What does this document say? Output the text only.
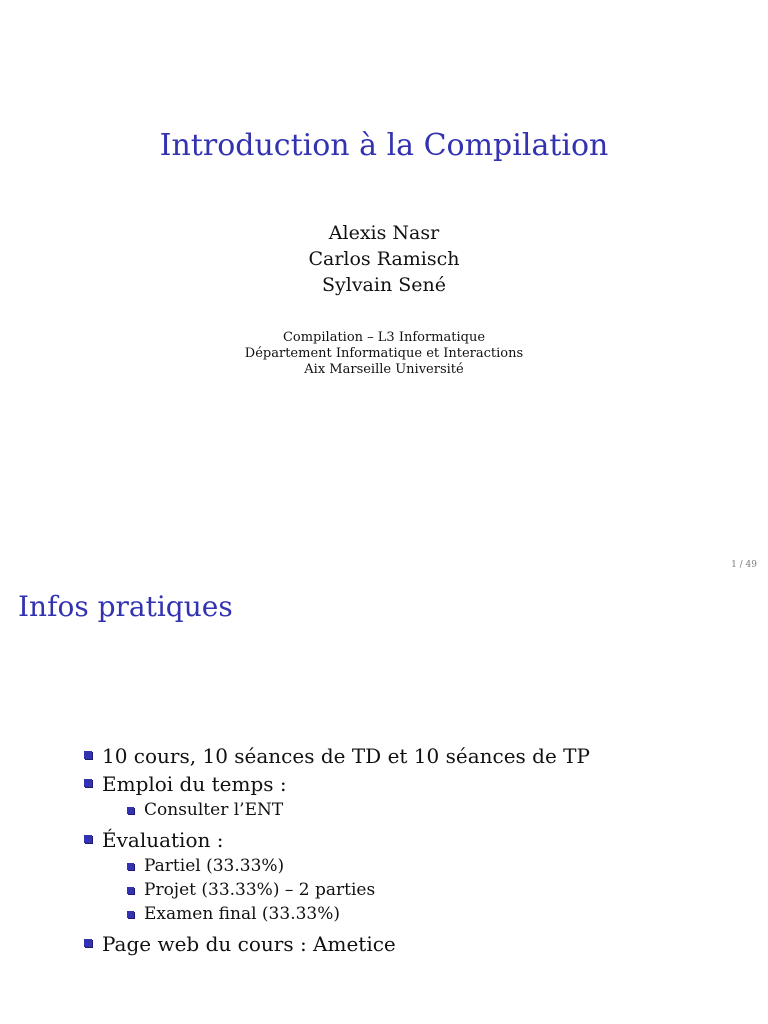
Introduction à la Compilation
Alexis Nasr
Carlos Ramisch
Sylvain Sené
Compilation – L3 Informatique
Département Informatique et Interactions
Aix Marseille Université
1 / 49
Infos pratiques
10 cours, 10 séances de TD et 10 séances de TP
Emploi du temps :
Consulter l’ENT
Évaluation :
Partiel (33.33%)
Projet (33.33%) – 2 parties
Examen final (33.33%)
Page web du cours : Ametice
